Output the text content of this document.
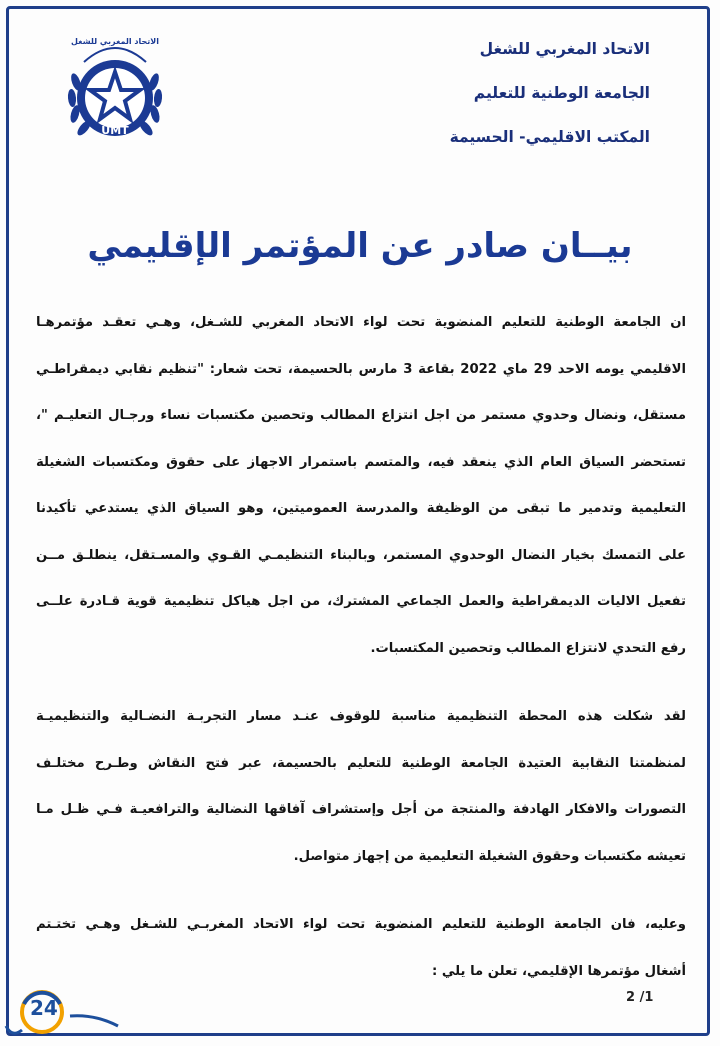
UMT
الاتحاد المغربي للشغل	الاتحاد المغربي للشغل
الجامعة الوطنية للتعليم
المكتب الاقليمي- الحسيمة
بيــان صادر عن المؤتمر الإقليمي

ان الجامعة الوطنية للتعليم المنضوية تحت لواء الاتحاد المغربي للشـغل، وهـي تعقـد مؤتمرهـا

الاقليمي يومه الاحد 29 ماي 2022 بقاعة 3 مارس بالحسيمة، تحت شعار: "تنظيم نقابي ديمقراطـي

مستقل، ونضال وحدوي مستمر من اجل انتزاع المطالب وتحصين مكتسبات نساء ورجـال التعليـم "،

تستحضر السياق العام الذي ينعقد فيه، والمتسم باستمرار الاجهاز على حقوق ومكتسبات الشغيلة

التعليمية وتدمير ما تبقى من الوظيفة والمدرسة العموميتين، وهو السياق الذي يستدعي تأكيدنا

على التمسك بخيار النضال الوحدوي المستمر، وبالبناء التنظيمـي القـوي والمسـتقل، ينطلـق مــن

تفعيل الاليات الديمقراطية والعمل الجماعي المشترك، من اجل هياكل تنظيمية قوية قـادرة علــى

رفع التحدي لانتزاع المطالب وتحصين المكتسبات.

لقد شكلت هذه المحطة التنظيمية مناسبة للوقوف عنـد مسار التجربـة النضـالية والتنظيميـة

لمنظمتنا النقابية العتيدة الجامعة الوطنية للتعليم بالحسيمة، عبر فتح النقاش وطـرح مختلـف

التصورات والافكار الهادفة والمنتجة من أجل وإستشراف آفاقها النضالية والترافعيـة فـي ظـل مـا

تعيشه مكتسبات وحقوق الشغيلة التعليمية من إجهاز متواصل.

وعليه، فان الجامعة الوطنية للتعليم المنضوية تحت لواء الاتحاد المغربـي للشـغل وهـي تختـتم

أشغال مؤتمرها الإقليمي، تعلن ما يلي :

2 /1
24
